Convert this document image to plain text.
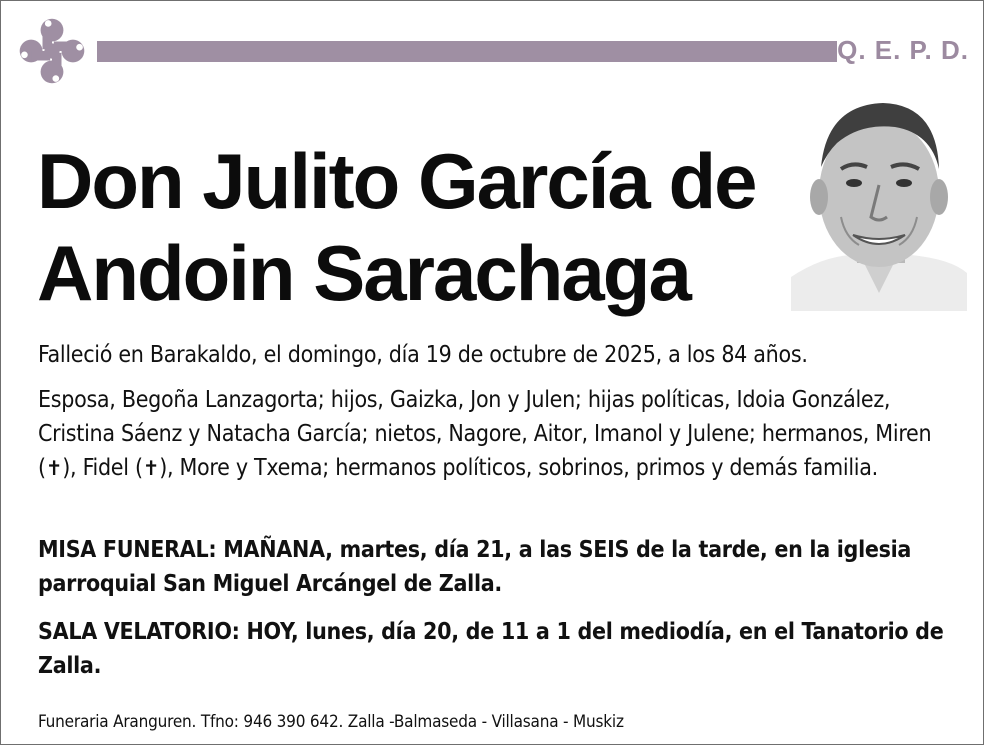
Q. E. P. D.
Don Julito García de
Andoin Sarachaga
Falleció en Barakaldo, el domingo, día 19 de octubre de 2025, a los 84 años.
Esposa, Begoña Lanzagorta; hijos, Gaizka, Jon y Julen; hijas políticas, Idoia González, Cristina Sáenz y Natacha García; nietos, Nagore, Aitor, Imanol y Julene; hermanos, Miren (✝), Fidel (✝), More y Txema; hermanos políticos, sobrinos, primos y demás familia.
MISA FUNERAL: MAÑANA, martes, día 21, a las SEIS de la tarde, en la iglesia parroquial San Miguel Arcángel de Zalla.
SALA VELATORIO: HOY, lunes, día 20, de 11 a 1 del mediodía, en el Tanatorio de Zalla.
Funeraria Aranguren. Tfno: 946 390 642. Zalla -Balmaseda - Villasana - Muskiz
